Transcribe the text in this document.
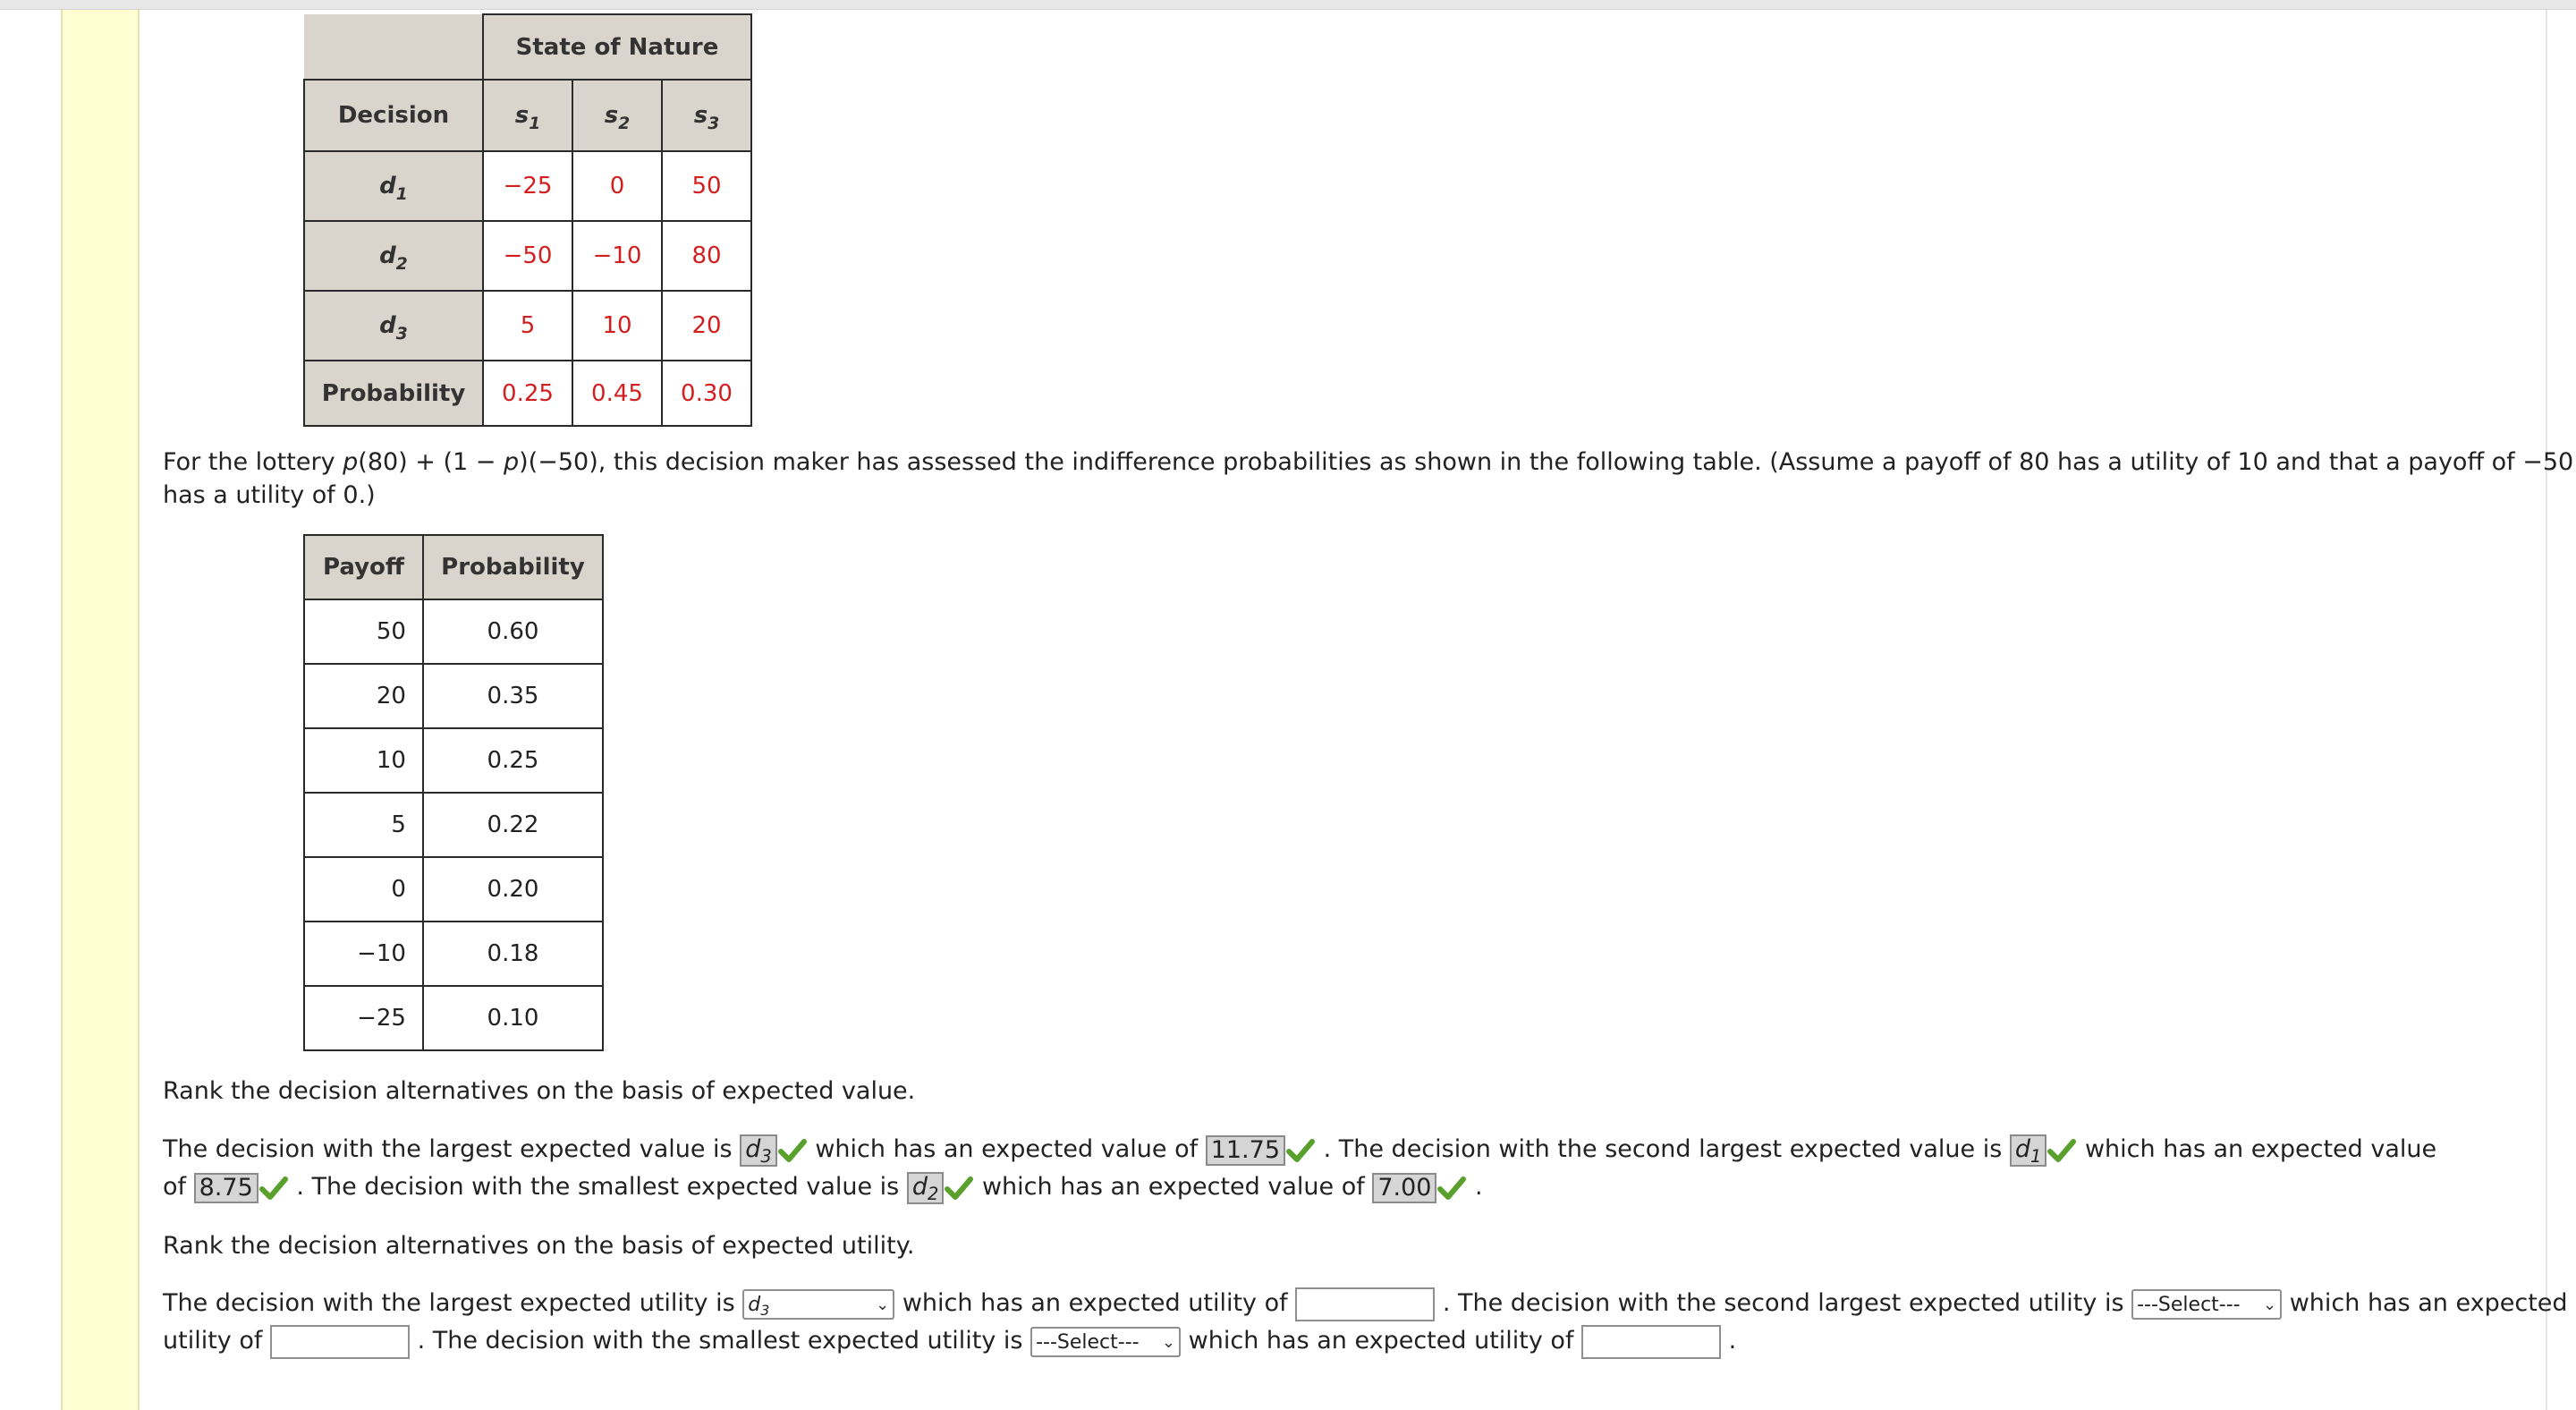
	State of Nature		
Decision	$s_1$	$s_2$	$s_3$
$d_1$	−25	0	50
$d_2$	−50	−10	80
$d_3$	5	10	20
Probability	0.25	0.45	0.30
For the lottery p(80) + (1 − p)(−50), this decision maker has assessed the indifference probabilities as shown in the following table. (Assume a payoff of 80 has a utility of 10 and that a payoff of −50
has a utility of 0.)
Payoff	Probability
50	0.60
20	0.35
10	0.25
5	0.22
0	0.20
−10	0.18
−25	0.10
Rank the decision alternatives on the basis of expected value.
The decision with the largest expected value is $d_3$ which has an expected value of 11.75 . The decision with the second largest expected value is $d_1$ which has an expected value
of 8.75 . The decision with the smallest expected value is $d_2$ which has an expected value of 7.00 .
Rank the decision alternatives on the basis of expected utility.
The decision with the largest expected utility is $d_3$	⌄ which has an expected utility of	. The decision with the second largest expected utility is ---Select--- ⌄ which has an expected
utility of	. The decision with the smallest expected utility is ---Select--- ⌄ which has an expected utility of	.
